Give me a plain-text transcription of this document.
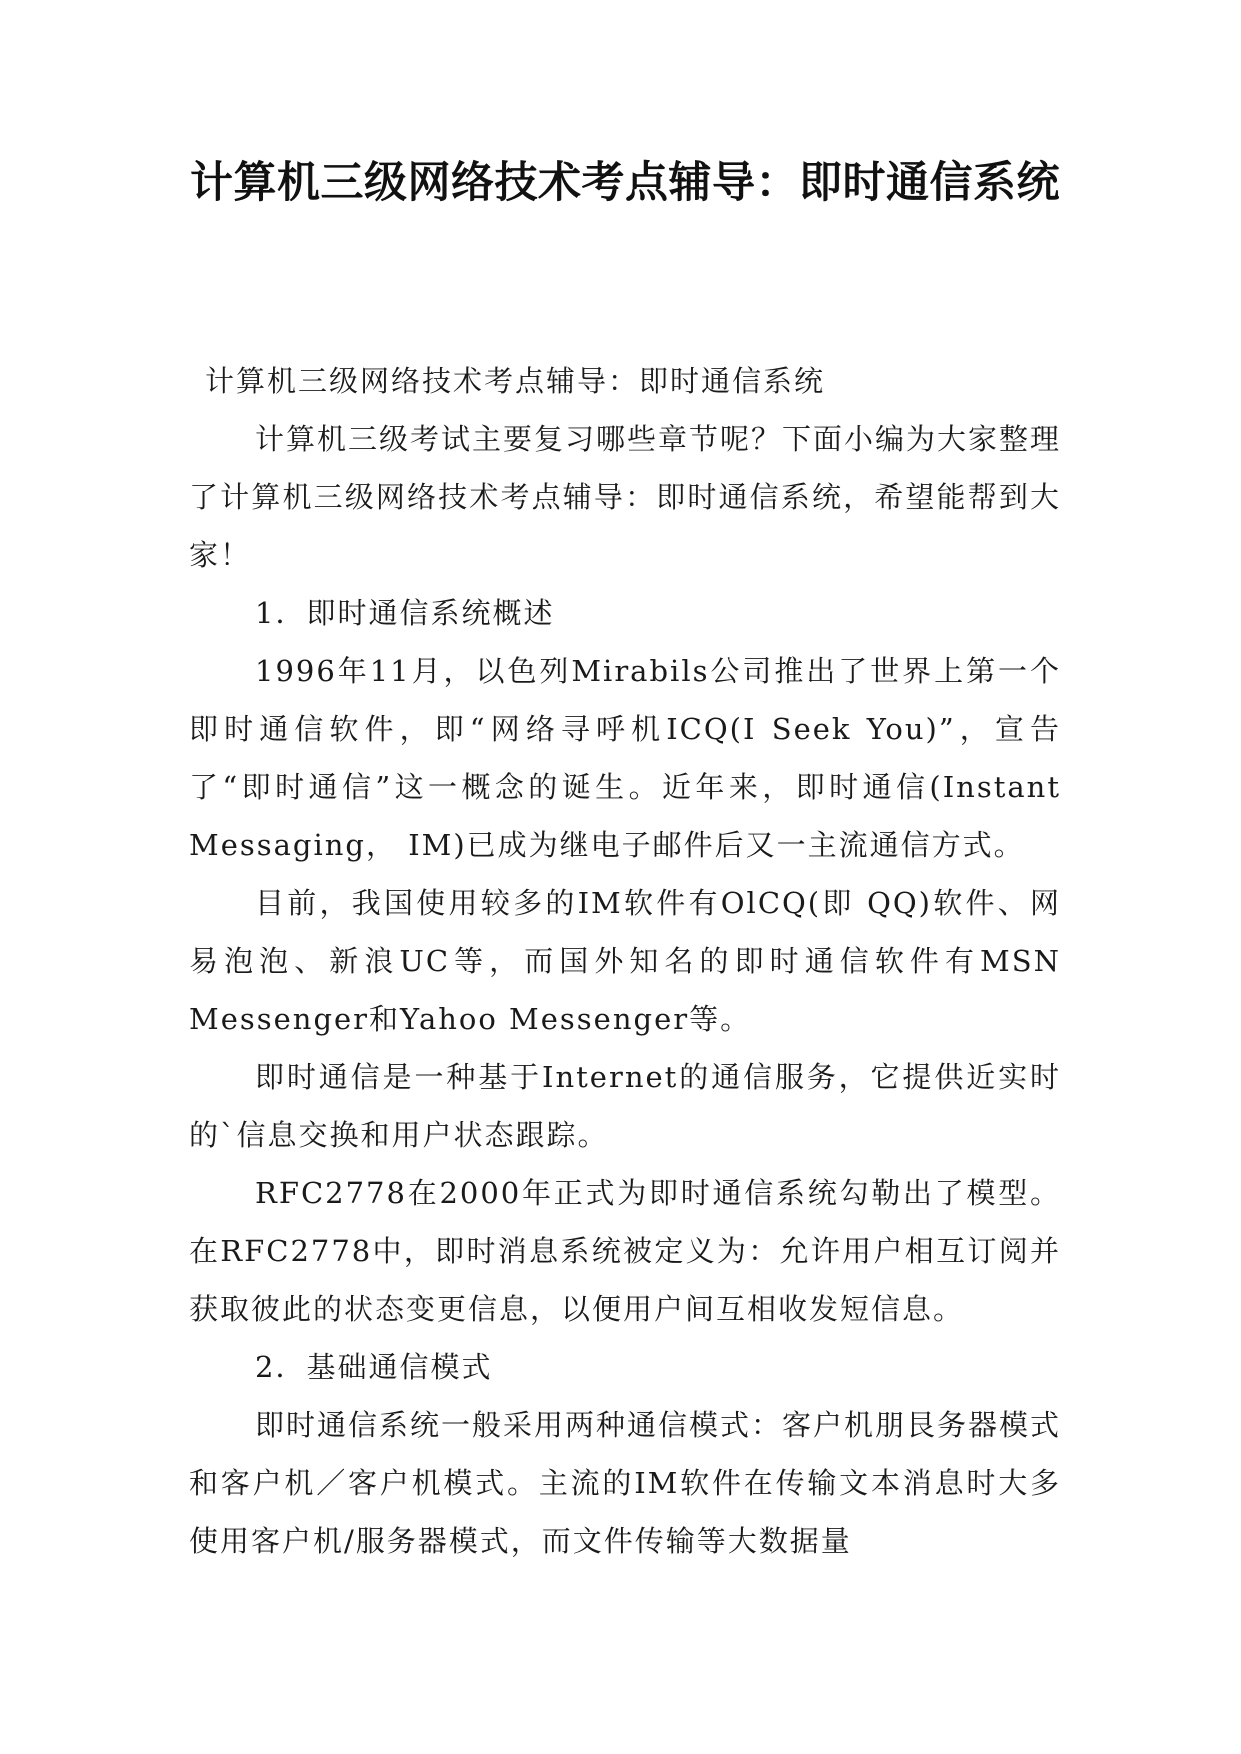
计算机三级网络技术考点辅导：即时通信系统

计算机三级网络技术考点辅导：即时通信系统

计算机三级考试主要复习哪些章节呢？下面小编为大家整理了计算机三级网络技术考点辅导：即时通信系统，希望能帮到大家！

1．即时通信系统概述

1996年11月，以色列Mirabils公司推出了世界上第一个即时通信软件，即“网络寻呼机ICQ(I Seek You)”，宣告了“即时通信”这一概念的诞生。近年来，即时通信(Instant Messaging， IM)已成为继电子邮件后又一主流通信方式。

目前，我国使用较多的IM软件有OlCQ(即 QQ)软件、网易泡泡、新浪UC等，而国外知名的即时通信软件有MSN Messenger和Yahoo Messenger等。

即时通信是一种基于Internet的通信服务，它提供近实时的`信息交换和用户状态跟踪。

RFC2778在2000年正式为即时通信系统勾勒出了模型。在RFC2778中，即时消息系统被定义为：允许用户相互订阅并获取彼此的状态变更信息，以便用户间互相收发短信息。

2．基础通信模式

即时通信系统一般采用两种通信模式：客户机朋艮务器模式和客户机／客户机模式。主流的IM软件在传输文本消息时大多使用客户机/服务器模式，而文件传输等大数据量
